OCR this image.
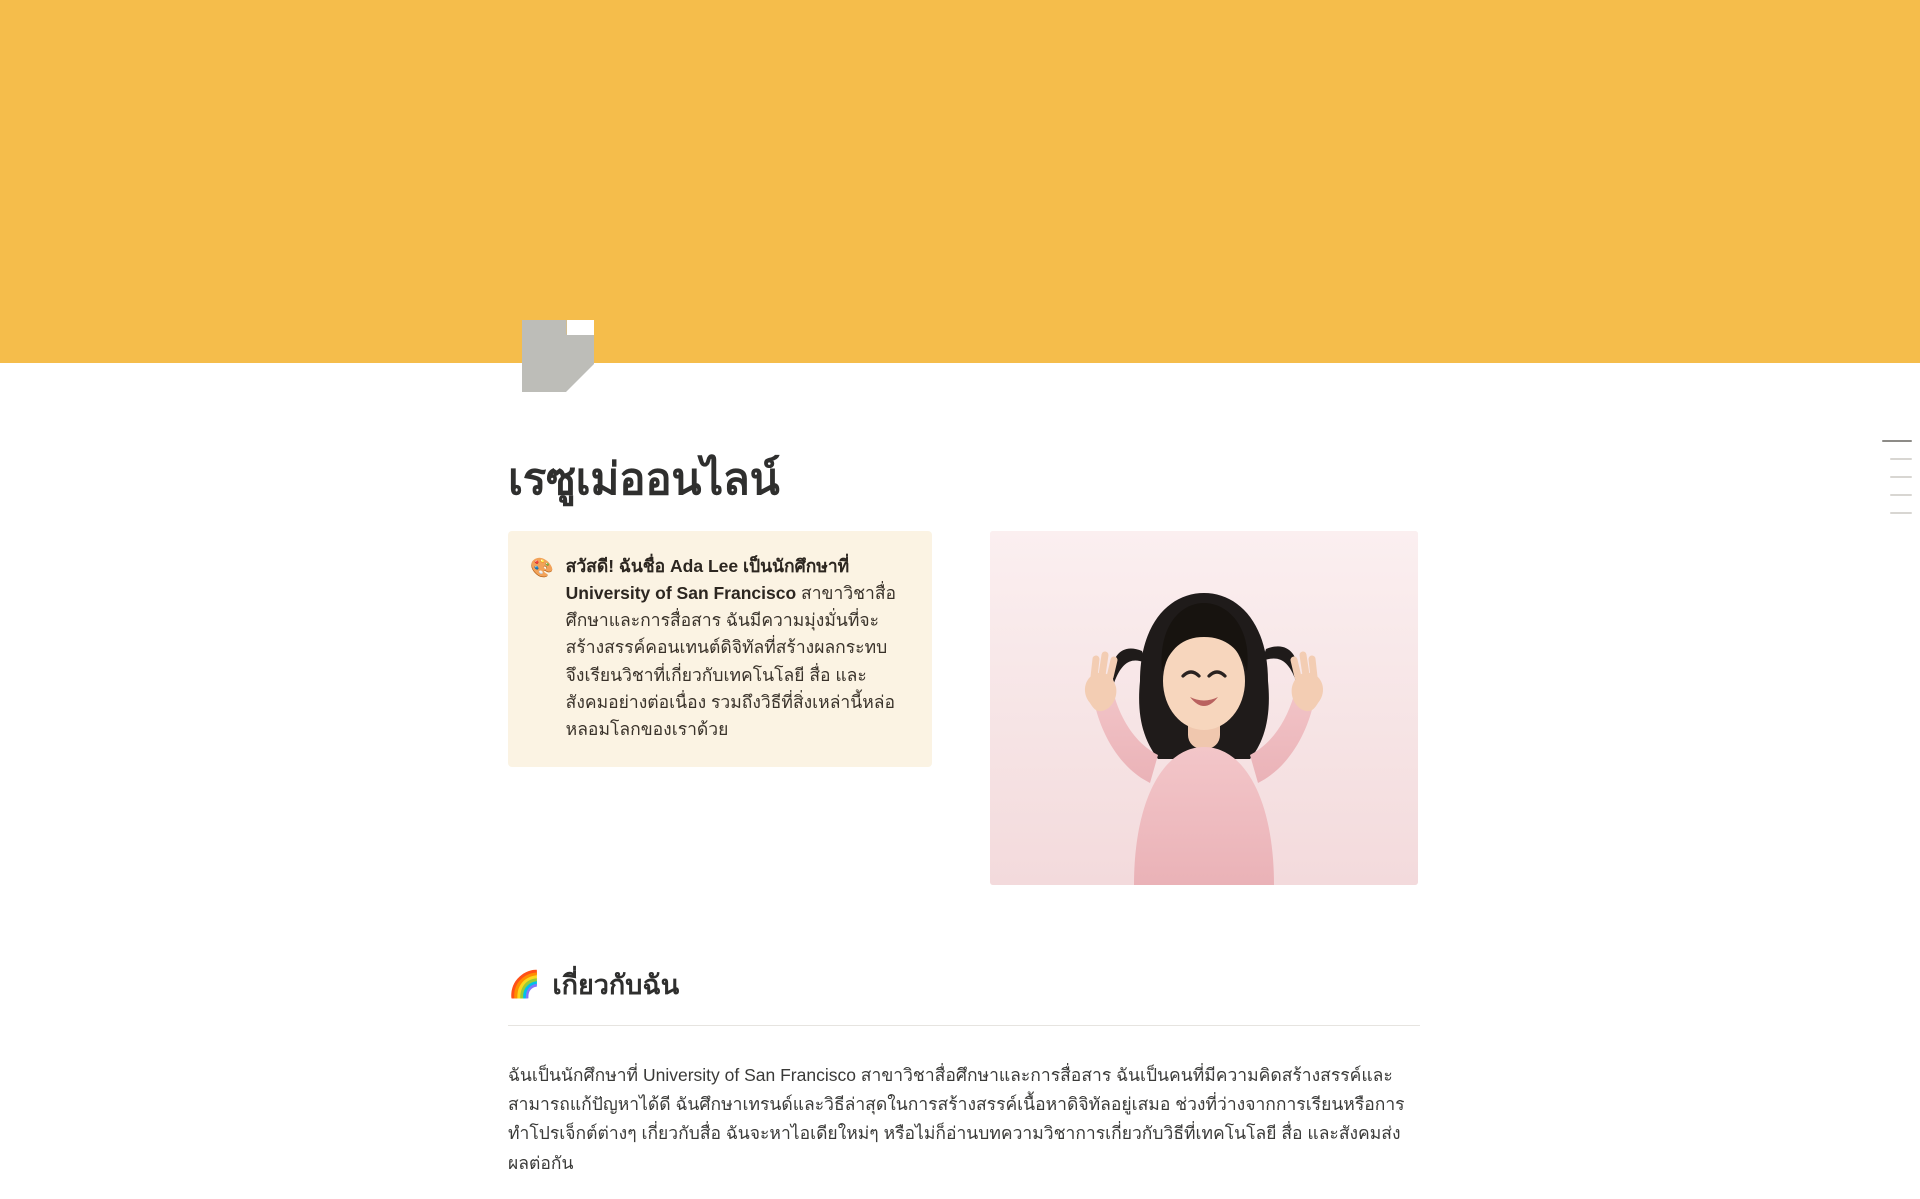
เรซูเม่ออนไลน์
🎨 สวัสดี! ฉันชื่อ Ada Lee เป็นนักศึกษาที่ University of San Francisco สาขาวิชาสื่อศึกษาและการสื่อสาร ฉันมีความมุ่งมั่นที่จะสร้างสรรค์คอนเทนต์ดิจิทัลที่สร้างผลกระทบ จึงเรียนวิชาที่เกี่ยวกับเทคโนโลยี สื่อ และสังคมอย่างต่อเนื่อง รวมถึงวิธีที่สิ่งเหล่านี้หล่อหลอมโลกของเราด้วย
🌈 เกี่ยวกับฉัน

ฉันเป็นนักศึกษาที่ University of San Francisco สาขาวิชาสื่อศึกษาและการสื่อสาร ฉันเป็นคนที่มีความคิดสร้างสรรค์และสามารถแก้ปัญหาได้ดี ฉันศึกษาเทรนด์และวิธีล่าสุดในการสร้างสรรค์เนื้อหาดิจิทัลอยู่เสมอ ช่วงที่ว่างจากการเรียนหรือการทำโปรเจ็กต์ต่างๆ เกี่ยวกับสื่อ ฉันจะหาไอเดียใหม่ๆ หรือไม่ก็อ่านบทความวิชาการเกี่ยวกับวิธีที่เทคโนโลยี สื่อ และสังคมส่งผลต่อกัน
